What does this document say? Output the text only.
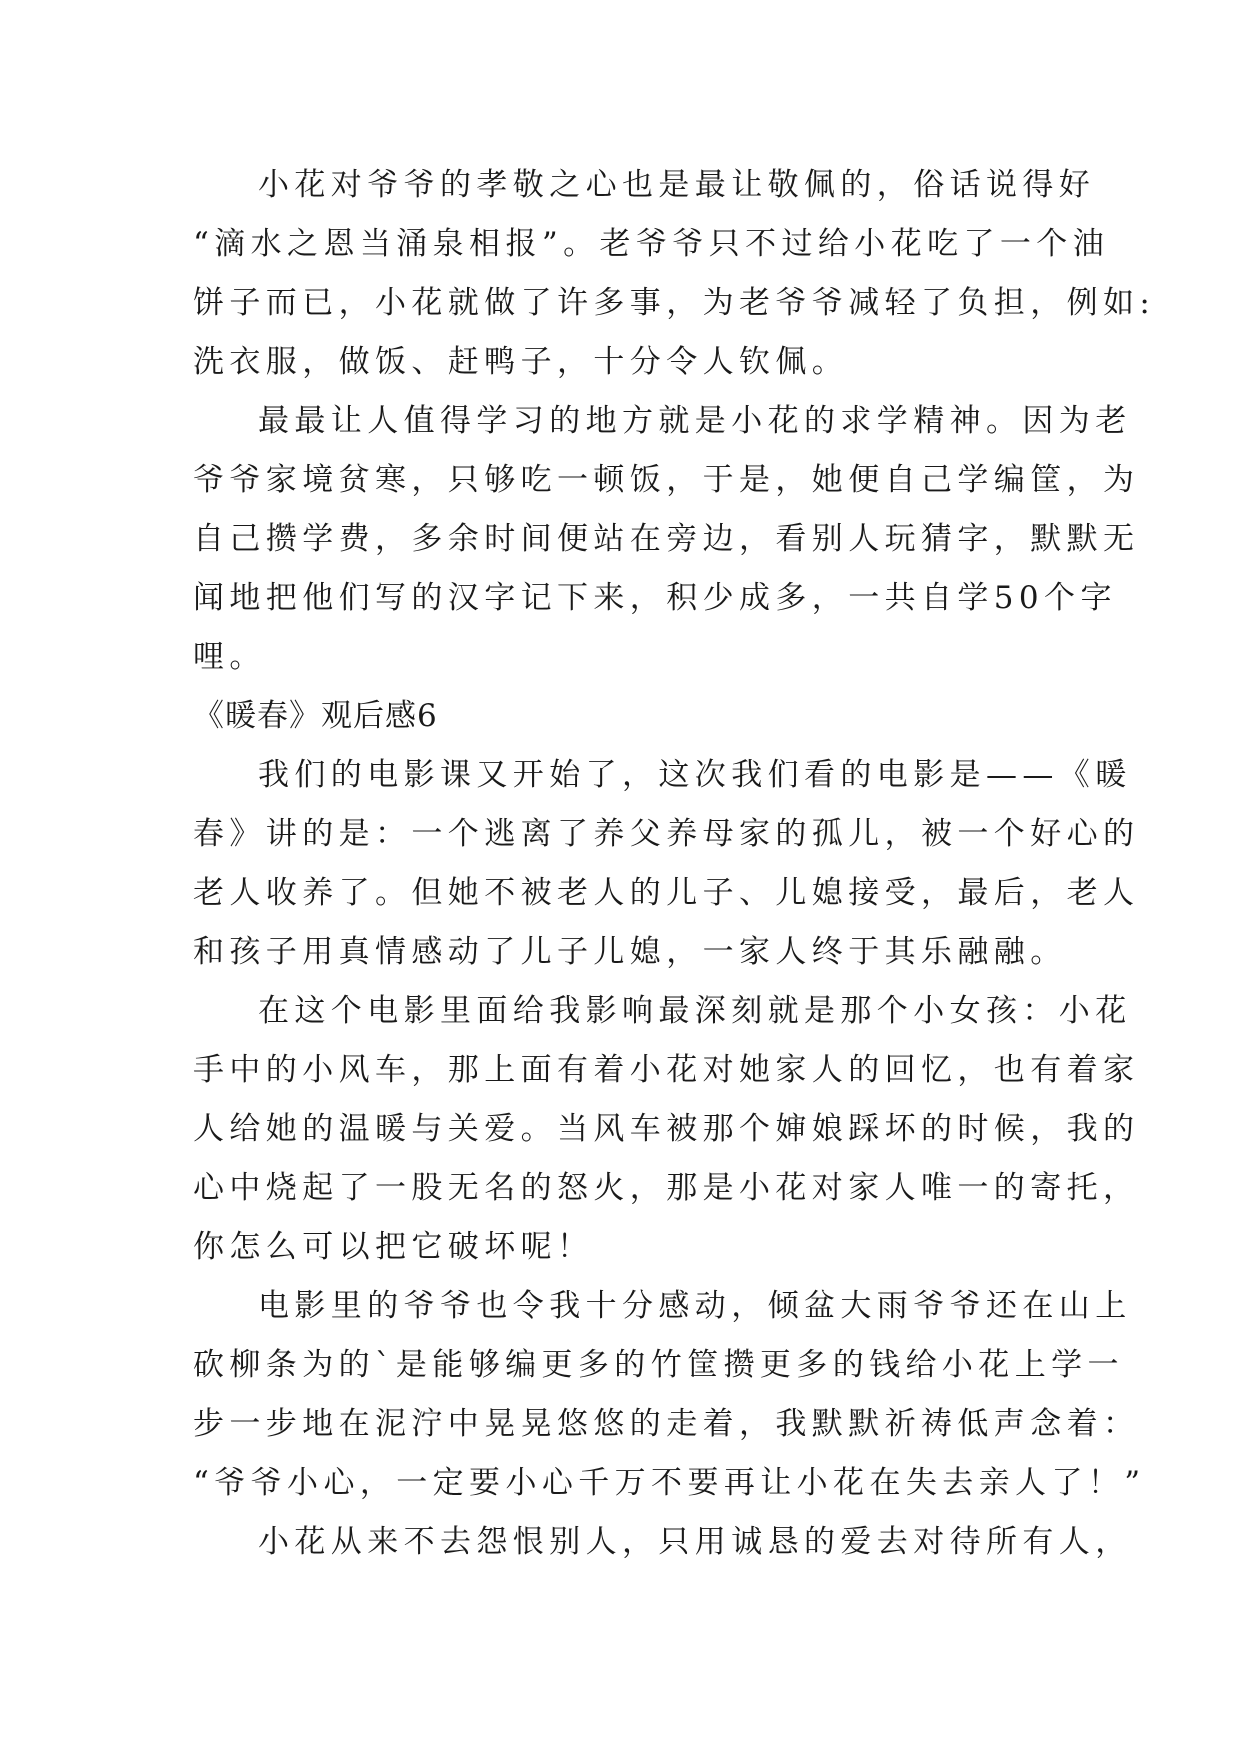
小花对爷爷的孝敬之心也是最让敬佩的，俗话说得好
“滴水之恩当涌泉相报”。老爷爷只不过给小花吃了一个油
饼子而已，小花就做了许多事，为老爷爷减轻了负担，例如:
洗衣服，做饭、赶鸭子，十分令人钦佩。
最最让人值得学习的地方就是小花的求学精神。因为老
爷爷家境贫寒，只够吃一顿饭，于是，她便自己学编筐，为
自己攒学费，多余时间便站在旁边，看别人玩猜字，默默无
闻地把他们写的汉字记下来，积少成多，一共自学50个字
哩。
《暖春》观后感6
我们的电影课又开始了，这次我们看的电影是——《暖
春》讲的是：一个逃离了养父养母家的孤儿，被一个好心的
老人收养了。但她不被老人的儿子、儿媳接受，最后，老人
和孩子用真情感动了儿子儿媳，一家人终于其乐融融。
在这个电影里面给我影响最深刻就是那个小女孩：小花
手中的小风车，那上面有着小花对她家人的回忆，也有着家
人给她的温暖与关爱。当风车被那个婶娘踩坏的时候，我的
心中烧起了一股无名的怒火，那是小花对家人唯一的寄托，
你怎么可以把它破坏呢！
电影里的爷爷也令我十分感动，倾盆大雨爷爷还在山上
砍柳条为的`是能够编更多的竹筐攒更多的钱给小花上学一
步一步地在泥泞中晃晃悠悠的走着，我默默祈祷低声念着：
“爷爷小心，一定要小心千万不要再让小花在失去亲人了！”
小花从来不去怨恨别人，只用诚恳的爱去对待所有人，
